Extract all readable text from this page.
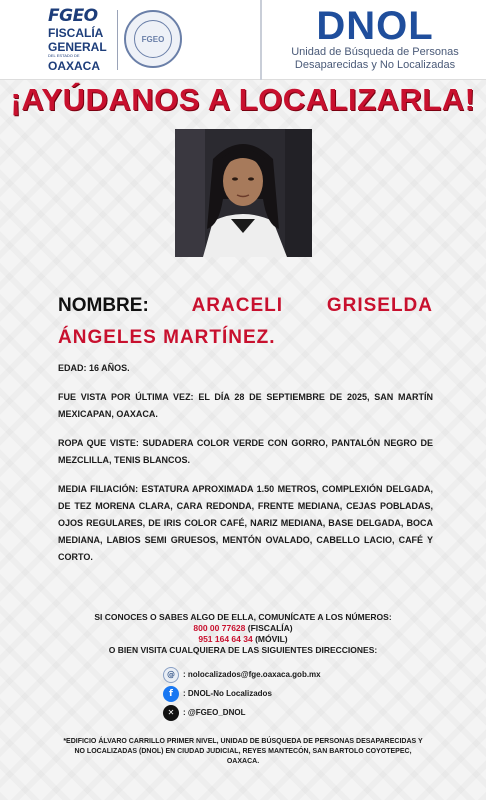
FGEO
FISCALÍA
GENERAL
DEL ESTADO DE
OAXACA
FGEO	DNOL
Unidad de Búsqueda de Personas
Desaparecidas y No Localizadas
¡AYÚDANOS A LOCALIZARLA!
NOMBRE: ARACELI GRISELDA ÁNGELES MARTÍNEZ.
EDAD: 16 AÑOS.
FUE VISTA POR ÚLTIMA VEZ: EL DÍA 28 DE SEPTIEMBRE DE 2025, SAN MARTÍN MEXICAPAN, OAXACA.
ROPA QUE VISTE: SUDADERA COLOR VERDE CON GORRO, PANTALÓN NEGRO DE MEZCLILLA, TENIS BLANCOS.
MEDIA FILIACIÓN: ESTATURA APROXIMADA 1.50 METROS, COMPLEXIÓN DELGADA, DE TEZ MORENA CLARA, CARA REDONDA, FRENTE MEDIANA, CEJAS POBLADAS, OJOS REGULARES, DE IRIS COLOR CAFÉ, NARIZ MEDIANA, BASE DELGADA, BOCA MEDIANA, LABIOS SEMI GRUESOS, MENTÓN OVALADO, CABELLO LACIO, CAFÉ Y CORTO.
SI CONOCES O SABES ALGO DE ELLA, COMUNÍCATE A LOS NÚMEROS:
800 00 77628 (FISCALÍA)
951 164 64 34 (MÓVIL)
O BIEN VISITA CUALQUIERA DE LAS SIGUIENTES DIRECCIONES:
@	: nolocalizados@fge.oaxaca.gob.mx
f	: DNOL-No Localizados
✕	: @FGEO_DNOL
*EDIFICIO ÁLVARO CARRILLO PRIMER NIVEL, UNIDAD DE BÚSQUEDA DE PERSONAS DESAPARECIDAS Y NO LOCALIZADAS (DNOL) EN CIUDAD JUDICIAL, REYES MANTECÓN, SAN BARTOLO COYOTEPEC, OAXACA.
